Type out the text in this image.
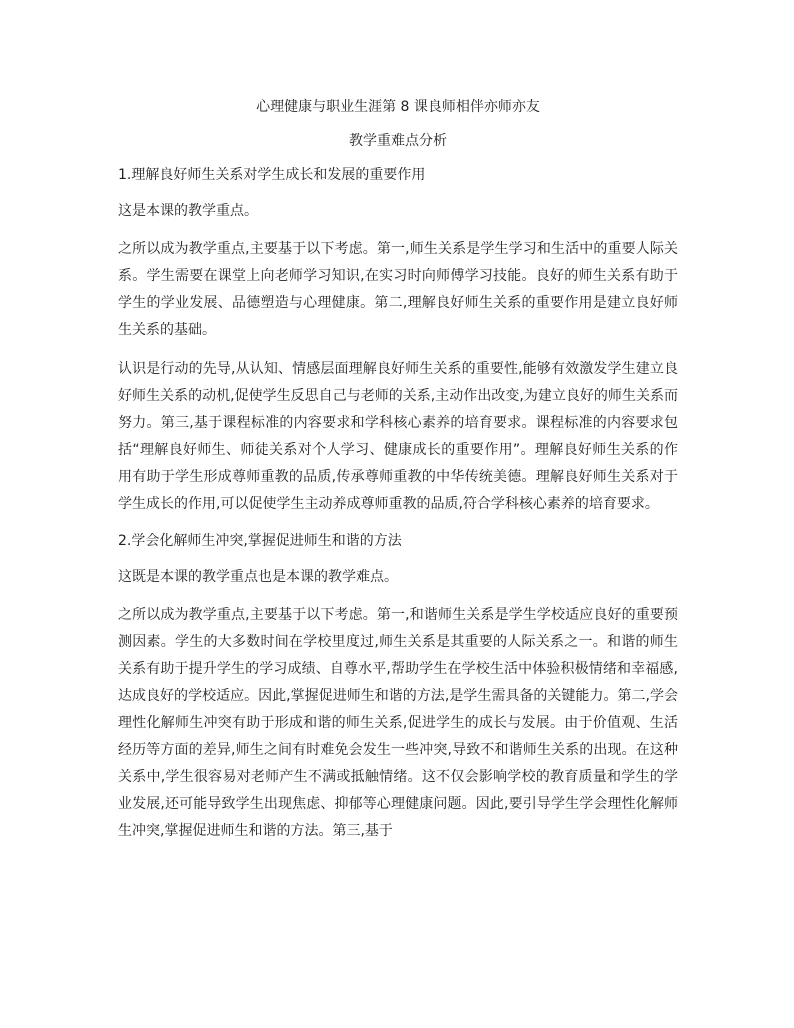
心理健康与职业生涯第 8 课良师相伴亦师亦友
教学重难点分析
1.理解良好师生关系对学生成长和发展的重要作用
这是本课的教学重点。
之所以成为教学重点,主要基于以下考虑。第一,师生关系是学生学习和生活中的重要人际关系。学生需要在课堂上向老师学习知识,在实习时向师傅学习技能。良好的师生关系有助于学生的学业发展、品德塑造与心理健康。第二,理解良好师生关系的重要作用是建立良好师生关系的基础。
认识是行动的先导,从认知、情感层面理解良好师生关系的重要性,能够有效激发学生建立良好师生关系的动机,促使学生反思自己与老师的关系,主动作出改变,为建立良好的师生关系而努力。第三,基于课程标准的内容要求和学科核心素养的培育要求。课程标准的内容要求包括“理解良好师生、师徒关系对个人学习、健康成长的重要作用”。理解良好师生关系的作用有助于学生形成尊师重教的品质,传承尊师重教的中华传统美德。理解良好师生关系对于学生成长的作用,可以促使学生主动养成尊师重教的品质,符合学科核心素养的培育要求。
2.学会化解师生冲突,掌握促进师生和谐的方法
这既是本课的教学重点也是本课的教学难点。
之所以成为教学重点,主要基于以下考虑。第一,和谐师生关系是学生学校适应良好的重要预测因素。学生的大多数时间在学校里度过,师生关系是其重要的人际关系之一。和谐的师生关系有助于提升学生的学习成绩、自尊水平,帮助学生在学校生活中体验积极情绪和幸福感,达成良好的学校适应。因此,掌握促进师生和谐的方法,是学生需具备的关键能力。第二,学会理性化解师生冲突有助于形成和谐的师生关系,促进学生的成长与发展。由于价值观、生活经历等方面的差异,师生之间有时难免会发生一些冲突,导致不和谐师生关系的出现。在这种关系中,学生很容易对老师产生不满或抵触情绪。这不仅会影响学校的教育质量和学生的学业发展,还可能导致学生出现焦虑、抑郁等心理健康问题。因此,要引导学生学会理性化解师生冲突,掌握促进师生和谐的方法。第三,基于
